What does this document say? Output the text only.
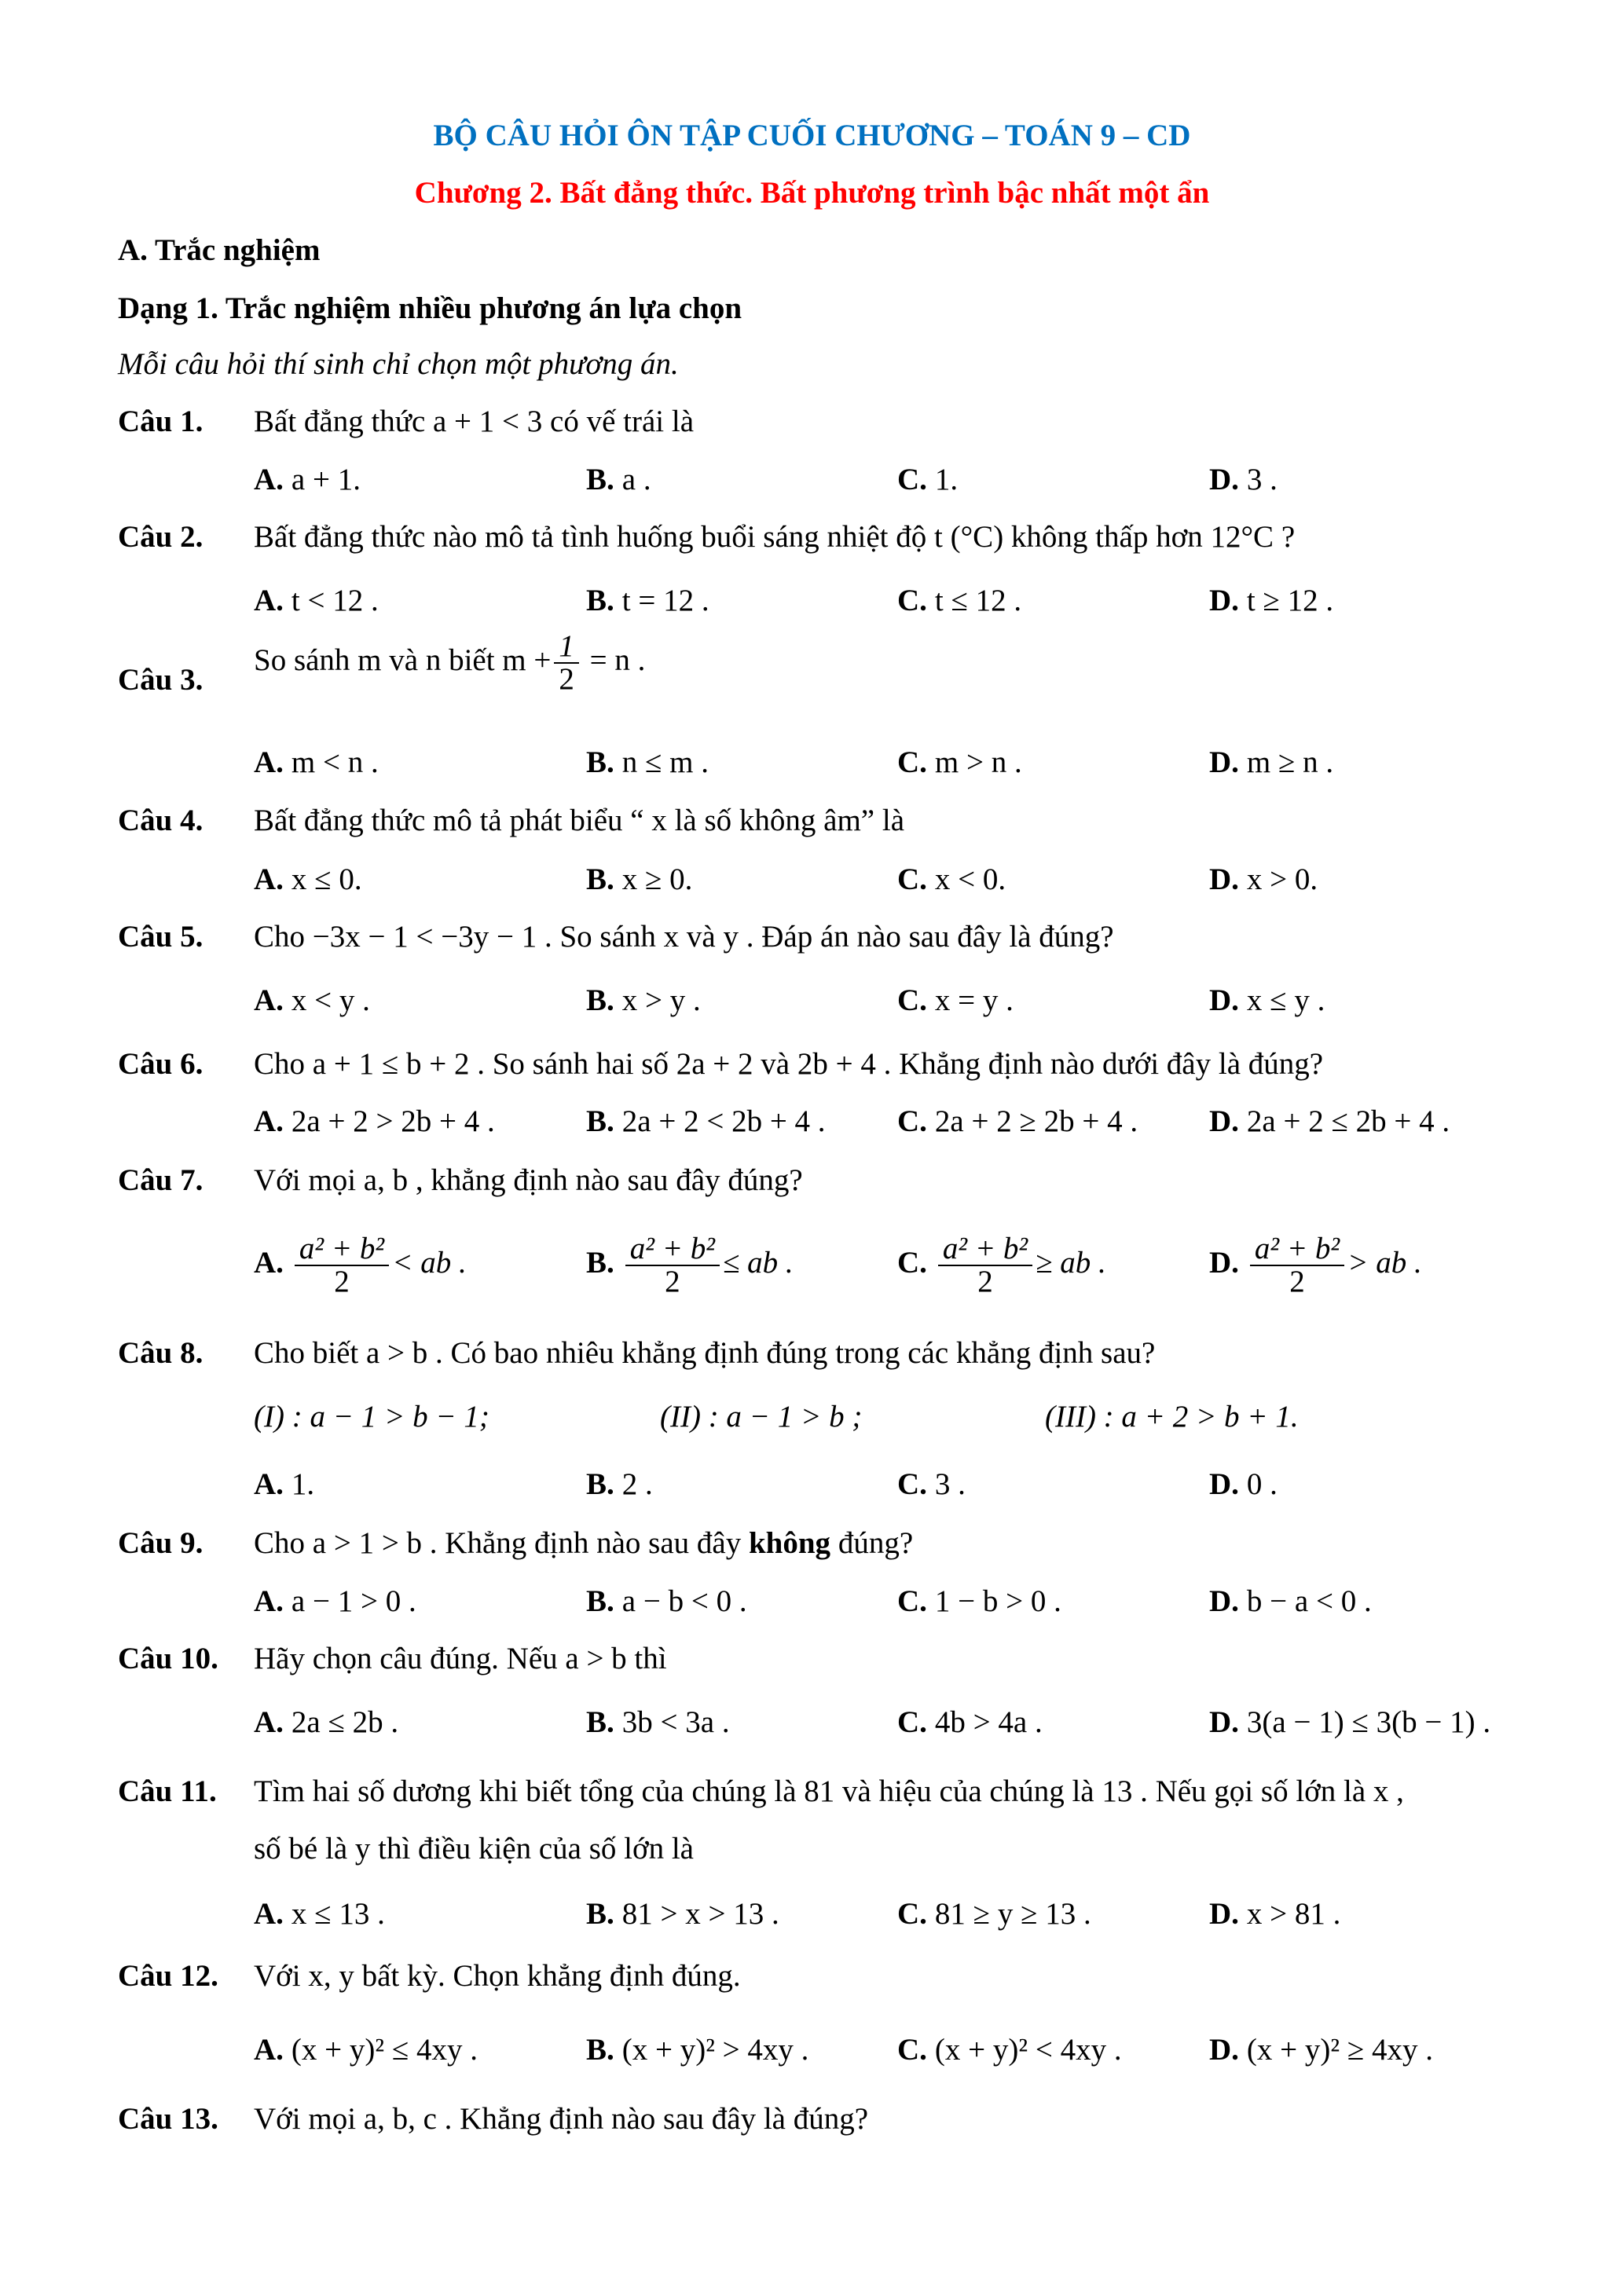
BỘ CÂU HỎI ÔN TẬP CUỐI CHƯƠNG – TOÁN 9 – CD
Chương 2. Bất đẳng thức. Bất phương trình bậc nhất một ẩn
A. Trắc nghiệm
Dạng 1. Trắc nghiệm nhiều phương án lựa chọn
Mỗi câu hỏi thí sinh chỉ chọn một phương án.
Câu 1. Bất đẳng thức a + 1 < 3 có vế trái là
A. a + 1.	B. a .	C. 1.	D. 3 .
Câu 2. Bất đẳng thức nào mô tả tình huống buổi sáng nhiệt độ t (°C) không thấp hơn 12°C ?
A. t < 12 .	B. t = 12 .	C. t ≤ 12 .	D. t ≥ 12 .
Câu 3.
So sánh m và n biết $m + \frac{1}{2} = n$ .
A. m < n .	B. n ≤ m .	C. m > n .	D. m ≥ n .
Câu 4. Bất đẳng thức mô tả phát biểu “ x là số không âm” là
A. x ≤ 0.	B. x ≥ 0.	C. x < 0.	D. x > 0.
Câu 5. Cho −3x − 1 < −3y − 1 . So sánh x và y . Đáp án nào sau đây là đúng?
A. x < y .	B. x > y .	C. x = y .	D. x ≤ y .
Câu 6. Cho a + 1 ≤ b + 2 . So sánh hai số 2a + 2 và 2b + 4 . Khẳng định nào dưới đây là đúng?
A. 2a + 2 > 2b + 4 .	B. 2a + 2 < 2b + 4 . C. 2a + 2 ≥ 2b + 4 . D. 2a + 2 ≤ 2b + 4 .
Câu 7. Với mọi a, b , khẳng định nào sau đây đúng?
A. $\frac{\text{a² + b²}}{2}$ < ab .	B. $\frac{\text{a² + b²}}{2}$ ≤ ab .	C. $\frac{\text{a² + b²}}{2}$ ≥ ab .	D. $\frac{\text{a² + b²}}{2}$ > ab .
Câu 8. Cho biết a > b . Có bao nhiêu khẳng định đúng trong các khẳng định sau?
(I) : a − 1 > b − 1;	(II) : a − 1 > b ;	(III) : a + 2 > b + 1.
A. 1.	B. 2 .	C. 3 .	D. 0 .
Câu 9. Cho a > 1 > b . Khẳng định nào sau đây không đúng?
A. a − 1 > 0 .	B. a − b < 0 .	C. 1 − b > 0 .	D. b − a < 0 .
Câu 10. Hãy chọn câu đúng. Nếu a > b thì
A. 2a ≤ 2b .	B. 3b < 3a .	C. 4b > 4a .	D. 3(a − 1) ≤ 3(b − 1) .
Câu 11. Tìm hai số dương khi biết tổng của chúng là 81 và hiệu của chúng là 13 . Nếu gọi số lớn là x ,
số bé là y thì điều kiện của số lớn là
A. x ≤ 13 .	B. 81 > x > 13 .	C. 81 ≥ y ≥ 13 .	D. x > 81 .
Câu 12. Với x, y bất kỳ. Chọn khẳng định đúng.
A. (x + y)² ≤ 4xy .	B. (x + y)² > 4xy .	C. (x + y)² < 4xy .	D. (x + y)² ≥ 4xy .
Câu 13. Với mọi a, b, c . Khẳng định nào sau đây là đúng?
